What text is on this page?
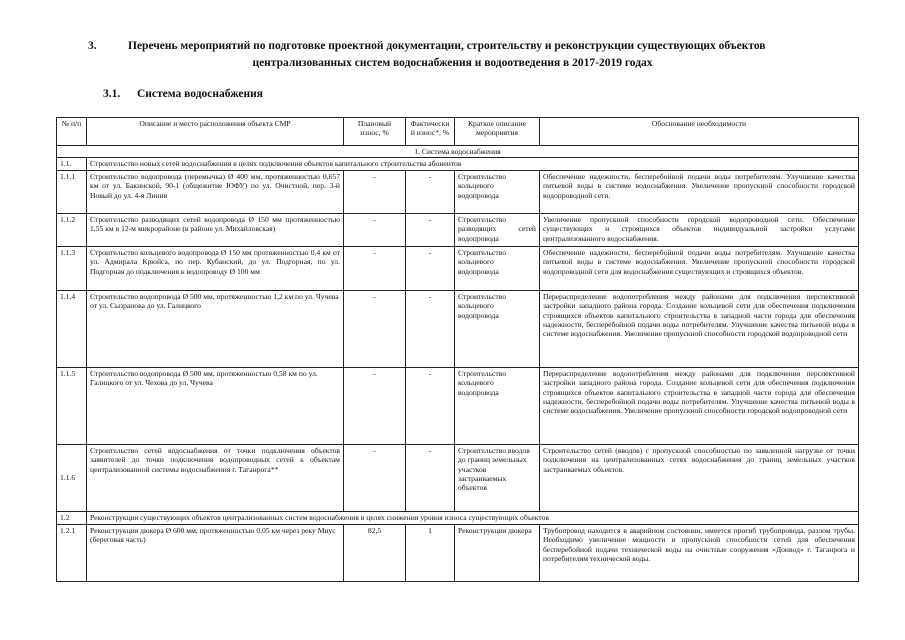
3.	Перечень мероприятий по подготовке проектной документации, строительству и реконструкции существующих объектов
централизованных систем водоснабжения и водоотведения в 2017-2019 годах
3.1. Система водоснабжения
№ п/п	Описание и место расположения объекта СМР	Плановый износ, %	Фактически й износ*, %	Краткое описание мероприятия	Обоснование необходимости
1. Система водоснабжения					
1.1.	Строительство новых сетей водоснабжения в целях подключения объектов капитального строительства абонентов				
1.1.1	Строительство водопровода (перемычка) Ø 400 мм, протяженностью 0,657 км от ул. Бакинской, 90-1 (общежитие ЮФУ) по ул. Очистной, пер. 3-й Новый до ул. 4-я Линия	-	-	Строительство кольцевого водопровода	Обеспечение надежности, бесперебойной подачи воды потребителям. Улучшение качества питьевой воды в системе водоснабжения. Увеличение пропускной способности городской водопроводной сети.
1.1.2	Строительство разводящих сетей водопровода Ø 150 мм протяженностью 1,55 км в 12-м микрорайоне (в районе ул. Михайловская)	-	-	Строительство разводящих сетей водопровода	Увеличение пропускной способности городской водопроводной сети. Обеспечение существующих и строящихся объектов индивидуальной застройки услугами централизованного водоснабжения.
1.1.3	Строительство кольцевого водопровода Ø 150 мм протяженностью 0,4 км от ул. Адмирала Крюйса, по пер. Кубанский, до ул. Подгорная, по ул. Подгорная до подключения к водопроводу Ø 100 мм	-	-	Строительство кольцевого водопровода	Обеспечение надежности, бесперебойной подачи воды потребителям. Улучшение качества питьевой воды в системе водоснабжения. Увеличение пропускной способности городской водопроводной сети для водоснабжения существующих и строящихся объектов.
1.1.4	Строительство водопровода Ø 500 мм, протяженностью 1,2 км по ул. Чучева от ул. Сызранова до ул. Галицкого	-	-	Строительство кольцевого водопровода	Перераспределение водопотребления между районами для подключения перспективной застройки западного района города. Создание кольцевой сети для обеспечения подключения строящихся объектов капитального строительства в западной части города для обеспечения надежности, бесперебойной подачи воды потребителям. Улучшение качества питьевой воды в системе водоснабжения. Увеличение пропускной способности городской водопроводной сети
1.1.5	Строительство водопровода Ø 500 мм, протяженностью 0,58 км по ул. Галицкого от ул. Чехова до ул. Чучева	-	-	Строительство кольцевого водопровода	Перераспределение водопотребления между районами для подключения перспективной застройки западного района города. Создание кольцевой сети для обеспечения подключения строящихся объектов капитального строительства в западной части города для обеспечения надежности, бесперебойной подачи воды потребителям. Улучшение качества питьевой воды в системе водоснабжения. Увеличение пропускной способности городской водопроводной сети
1.1.6	Строительство сетей водоснабжения от точки подключения объектов заявителей до точки подключения водопроводных сетей к объектам централизованной системы водоснабжения г. Таганрога**	-	-	Строительство вводов до границ земельных участков застраиваемых объектов	Строительство сетей (вводов) с пропускной способностью по заявленной нагрузке от точки подключения на централизованных сетях водоснабжения до границ земельных участков застраиваемых объектов.
1.2	Реконструкция существующих объектов централизованных систем водоснабжения в целях снижения уровня износа существующих объектов				
1.2.1	Реконструкция дюкера Ø 600 мм, протяженностью 0,05 км через реку Миус (береговая часть)	82,5	1	Реконструкция дюкера	Трубопровод находится в аварийном состоянии, имеется прогиб трубопровода, разлом трубы. Необходимо увеличение мощности и пропускной способности сетей для обеспечения бесперебойной подачи технической воды на очистные сооружения «Донвод» г. Таганрога и потребителям технической воды.
